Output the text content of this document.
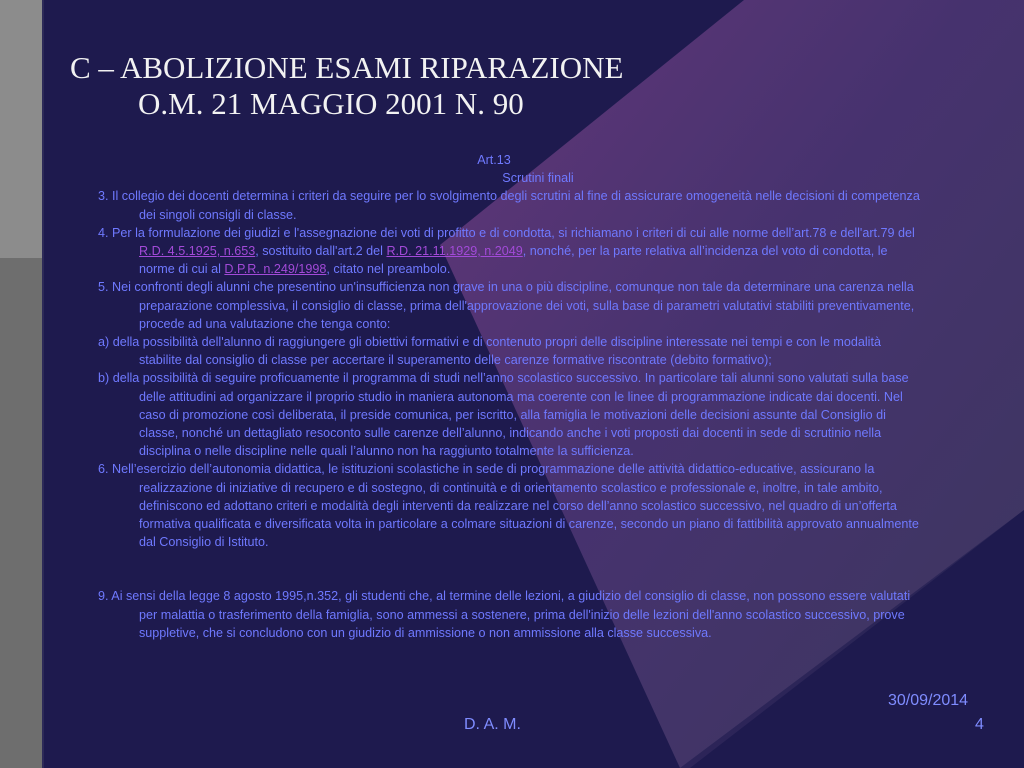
C – ABOLIZIONE ESAMI RIPARAZIONE
O.M. 21 MAGGIO 2001 N. 90
Art.13
Scrutini finali

3. Il collegio dei docenti determina i criteri da seguire per lo svolgimento degli scrutini al fine di assicurare omogeneità nelle decisioni di competenza dei singoli consigli di classe.

4. Per la formulazione dei giudizi e l'assegnazione dei voti di profitto e di condotta, si richiamano i criteri di cui alle norme dell’art.78 e dell'art.79 del R.D. 4.5.1925, n.653, sostituito dall'art.2 del R.D. 21.11.1929, n.2049, nonché, per la parte relativa all’incidenza del voto di condotta, le norme di cui al D.P.R. n.249/1998, citato nel preambolo.

5. Nei confronti degli alunni che presentino un'insufficienza non grave in una o più discipline, comunque non tale da determinare una carenza nella preparazione complessiva, il consiglio di classe, prima dell'approvazione dei voti, sulla base di parametri valutativi stabiliti preventivamente, procede ad una valutazione che tenga conto:

a) della possibilità dell'alunno di raggiungere gli obiettivi formativi e di contenuto propri delle discipline interessate nei tempi e con le modalità stabilite dal consiglio di classe per accertare il superamento delle carenze formative riscontrate (debito formativo);

b) della possibilità di seguire proficuamente il programma di studi nell’anno scolastico successivo. In particolare tali alunni sono valutati sulla base delle attitudini ad organizzare il proprio studio in maniera autonoma ma coerente con le linee di programmazione indicate dai docenti. Nel caso di promozione così deliberata, il preside comunica, per iscritto, alla famiglia le motivazioni delle decisioni assunte dal Consiglio di classe, nonché un dettagliato resoconto sulle carenze dell’alunno, indicando anche i voti proposti dai docenti in sede di scrutinio nella disciplina o nelle discipline nelle quali l’alunno non ha raggiunto totalmente la sufficienza.

6. Nell’esercizio dell’autonomia didattica, le istituzioni scolastiche in sede di programmazione delle attività didattico-educative, assicurano la realizzazione di iniziative di recupero e di sostegno, di continuità e di orientamento scolastico e professionale e, inoltre, in tale ambito, definiscono ed adottano criteri e modalità degli interventi da realizzare nel corso dell’anno scolastico successivo, nel quadro di un’offerta formativa qualificata e diversificata volta in particolare a colmare situazioni di carenze, secondo un piano di fattibilità approvato annualmente dal Consiglio di Istituto.

9. Ai sensi della legge 8 agosto 1995,n.352, gli studenti che, al termine delle lezioni, a giudizio del consiglio di classe, non possono essere valutati per malattia o trasferimento della famiglia, sono ammessi a sostenere, prima dell'inizio delle lezioni dell'anno scolastico successivo, prove suppletive, che si concludono con un giudizio di ammissione o non ammissione alla classe successiva.

30/09/2014
4
D. A. M.
